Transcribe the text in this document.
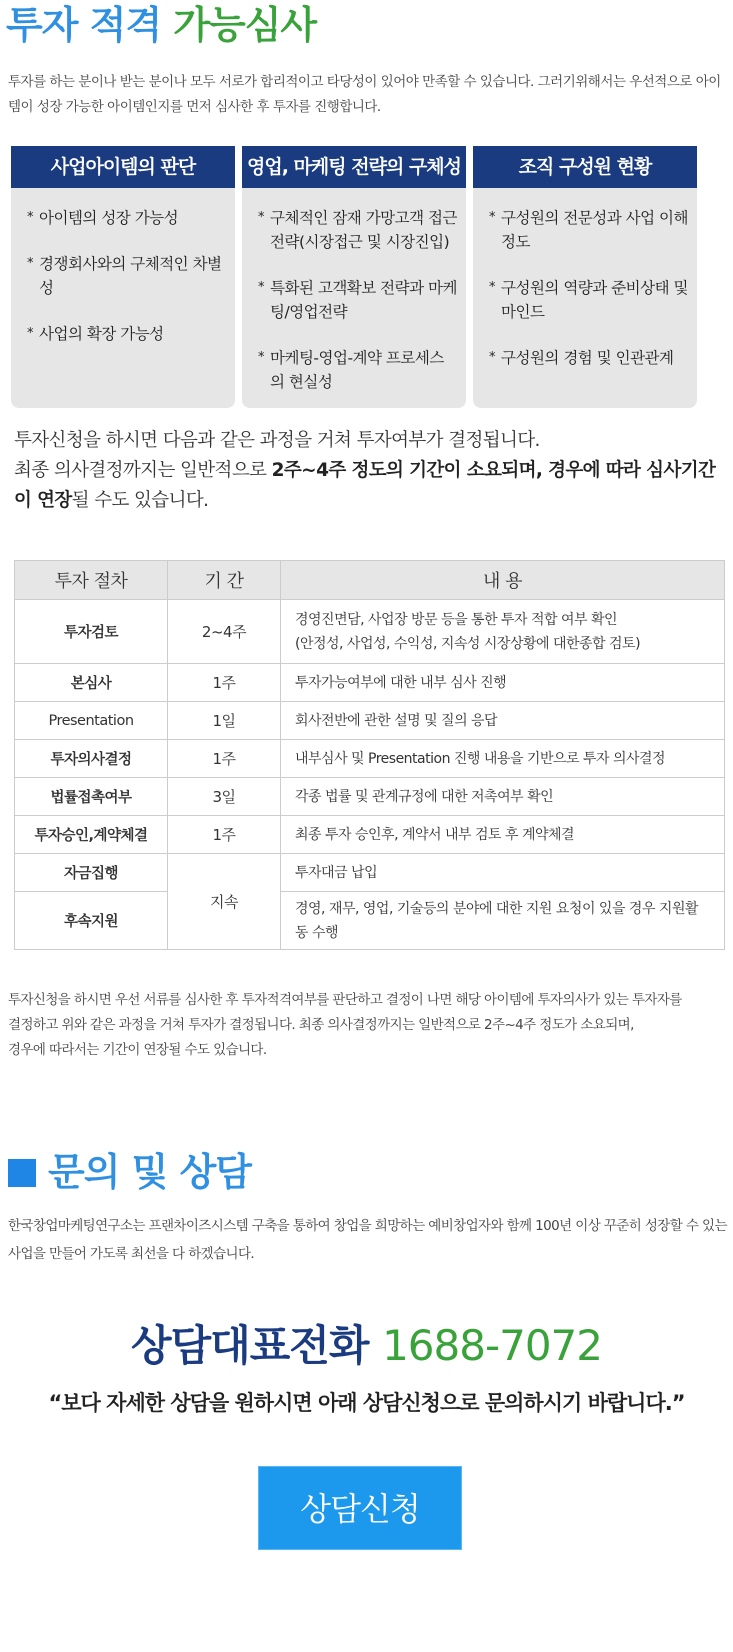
투자 적격 가능심사
투자를 하는 분이나 받는 분이나 모두 서로가 합리적이고 타당성이 있어야 만족할 수 있습니다. 그러기위해서는 우선적으로 아이템이 성장 가능한 아이템인지를 먼저 심사한 후 투자를 진행합니다.
사업아이템의 판단
* 아이템의 성장 가능성
* 경쟁회사와의 구체적인 차별성
* 사업의 확장 가능성
영업, 마케팅 전략의 구체성
* 구체적인 잠재 가망고객 접근 전략(시장접근 및 시장진입)
* 특화된 고객확보 전략과 마케팅/영업전략
* 마케팅-영업-계약 프로세스의 현실성
조직 구성원 현황
* 구성원의 전문성과 사업 이해 정도
* 구성원의 역량과 준비상태 및 마인드
* 구성원의 경험 및 인관관계
투자신청을 하시면 다음과 같은 과정을 거쳐 투자여부가 결정됩니다.
최종 의사결정까지는 일반적으로 2주~4주 정도의 기간이 소요되며, 경우에 따라 심사기간이 연장될 수도 있습니다.
투자 절차	기 간	내 용
투자검토	2~4주	경영진면담, 사업장 방문 등을 통한 투자 적합 여부 확인
(안정성, 사업성, 수익성, 지속성 시장상황에 대한종합 검토)

본심사	1주	투자가능여부에 대한 내부 심사 진행
Presentation	1일	회사전반에 관한 설명 및 질의 응답
투자의사결정	1주	내부심사 및 Presentation 진행 내용을 기반으로 투자 의사결정
법률접촉여부	3일	각종 법률 및 관계규정에 대한 저촉여부 확인
투자승인,계약체결	1주	최종 투자 승인후, 계약서 내부 검토 후 계약체결
자금집행	지속	투자대금 납입
후속지원		경영, 재무, 영업, 기술등의 분야에 대한 지원 요청이 있을 경우 지원활동 수행
투자신청을 하시면 우선 서류를 심사한 후 투자적격여부를 판단하고 결정이 나면 해당 아이템에 투자의사가 있는 투자자를
결정하고 위와 같은 과정을 거쳐 투자가 결정됩니다. 최종 의사결정까지는 일반적으로 2주~4주 정도가 소요되며,
경우에 따라서는 기간이 연장될 수도 있습니다.
문의 및 상담
한국창업마케팅연구소는 프랜차이즈시스템 구축을 통하여 창업을 희망하는 예비창업자와 함께 100년 이상 꾸준히 성장할 수 있는 사업을 만들어 가도록 최선을 다 하겠습니다.
상담대표전화 1688-7072
“보다 자세한 상담을 원하시면 아래 상담신청으로 문의하시기 바랍니다.”
상담신청
